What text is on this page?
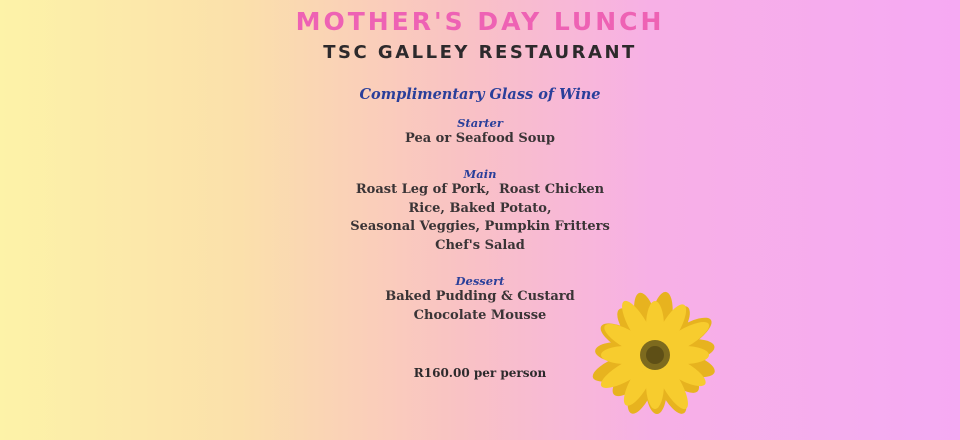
MOTHER'S DAY LUNCH
TSC GALLEY RESTAURANT
Complimentary Glass of Wine
Starter
Pea or Seafood Soup
Main
Roast Leg of Pork,  Roast Chicken
Rice, Baked Potato,
Seasonal Veggies, Pumpkin Fritters
Chef's Salad
Dessert
Baked Pudding & Custard
Chocolate Mousse
R160.00 per person
